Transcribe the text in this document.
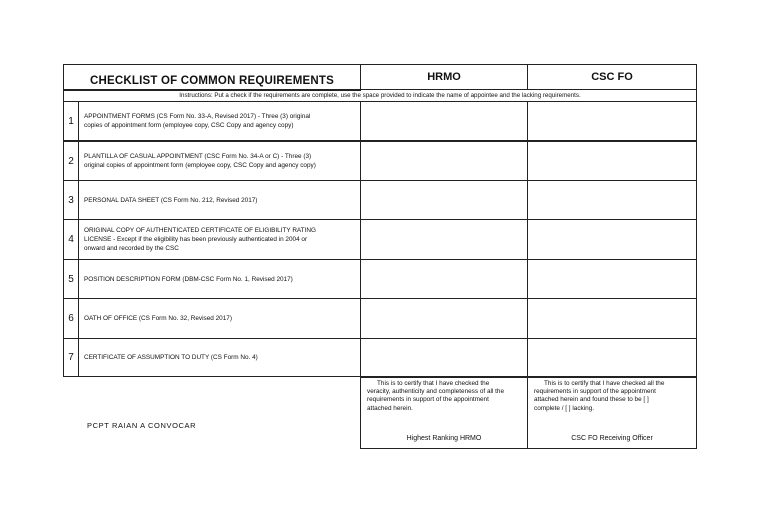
CHECKLIST OF COMMON REQUIREMENTS	HRMO	CSC FO
Instructions: Put a check if the requirements are complete, use the space provided to indicate the name of appointee and the lacking requirements.
1 APPOINTMENT FORMS (CS Form No. 33-A, Revised 2017) - Three (3) original
copies of appointment form (employee copy, CSC Copy and agency copy)
2 PLANTILLA OF CASUAL APPOINTMENT (CSC Form No. 34-A or C) - Three (3)
original copies of appointment form (employee copy, CSC Copy and agency copy)
3 PERSONAL DATA SHEET (CS Form No. 212, Revised 2017)
4
ORIGINAL COPY OF AUTHENTICATED CERTIFICATE OF ELIGIBILITY RATING
LICENSE - Except if the eligibility has been previously authenticated in 2004 or
onward and recorded by the CSC
5 POSITION DESCRIPTION FORM (DBM-CSC Form No. 1, Revised 2017)
6 OATH OF OFFICE (CS Form No. 32, Revised 2017)
7 CERTIFICATE OF ASSUMPTION TO DUTY (CS Form No. 4)
PCPT RAIAN A CONVOCAR
This is to certify that I have checked the
veracity, authenticity and completeness of all the
requirements in support of the appointment
attached herein.
Highest Ranking HRMO
This is to certify that I have checked all the
requirements in support of the appointment
attached herein and found these to be [ ]
complete / [ ] lacking.
CSC FO Receiving Officer
